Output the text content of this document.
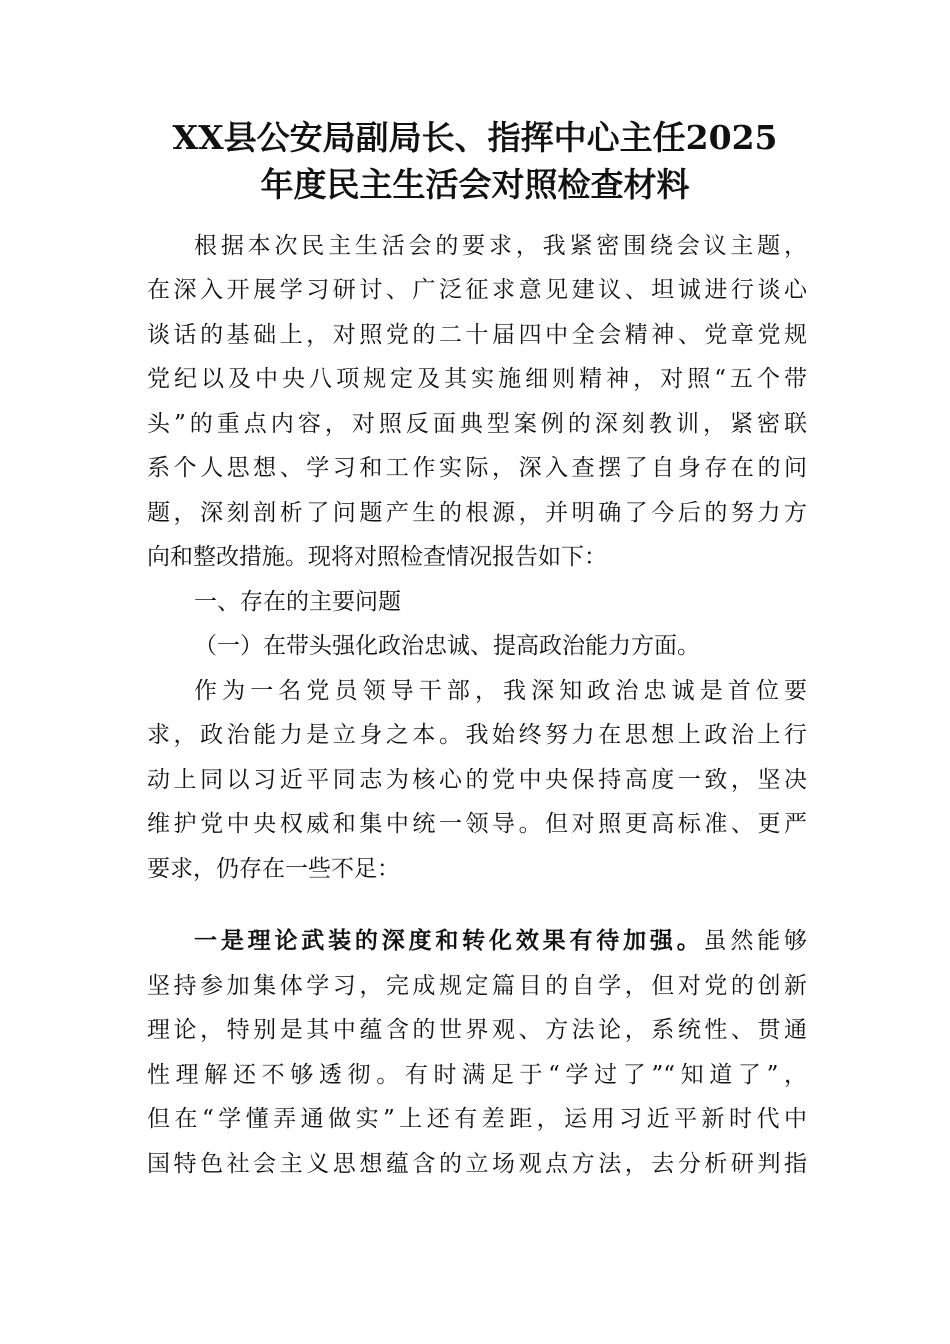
XX县公安局副局长、指挥中心主任2025
年度民主生活会对照检查材料
根据本次民主生活会的要求，我紧密围绕会议主题，
在深入开展学习研讨、广泛征求意见建议、坦诚进行谈心
谈话的基础上，对照党的二十届四中全会精神、党章党规
党纪以及中央八项规定及其实施细则精神，对照“五个带
头”的重点内容，对照反面典型案例的深刻教训，紧密联
系个人思想、学习和工作实际，深入查摆了自身存在的问
题，深刻剖析了问题产生的根源，并明确了今后的努力方
向和整改措施。现将对照检查情况报告如下：
一、存在的主要问题
（一）在带头强化政治忠诚、提高政治能力方面。
作为一名党员领导干部，我深知政治忠诚是首位要
求，政治能力是立身之本。我始终努力在思想上政治上行
动上同以习近平同志为核心的党中央保持高度一致，坚决
维护党中央权威和集中统一领导。但对照更高标准、更严
要求，仍存在一些不足：
一是理论武装的深度和转化效果有待加强。虽然能够
坚持参加集体学习，完成规定篇目的自学，但对党的创新
理论，特别是其中蕴含的世界观、方法论，系统性、贯通
性理解还不够透彻。有时满足于“学过了”“知道了”，
但在“学懂弄通做实”上还有差距，运用习近平新时代中
国特色社会主义思想蕴含的立场观点方法，去分析研判指
